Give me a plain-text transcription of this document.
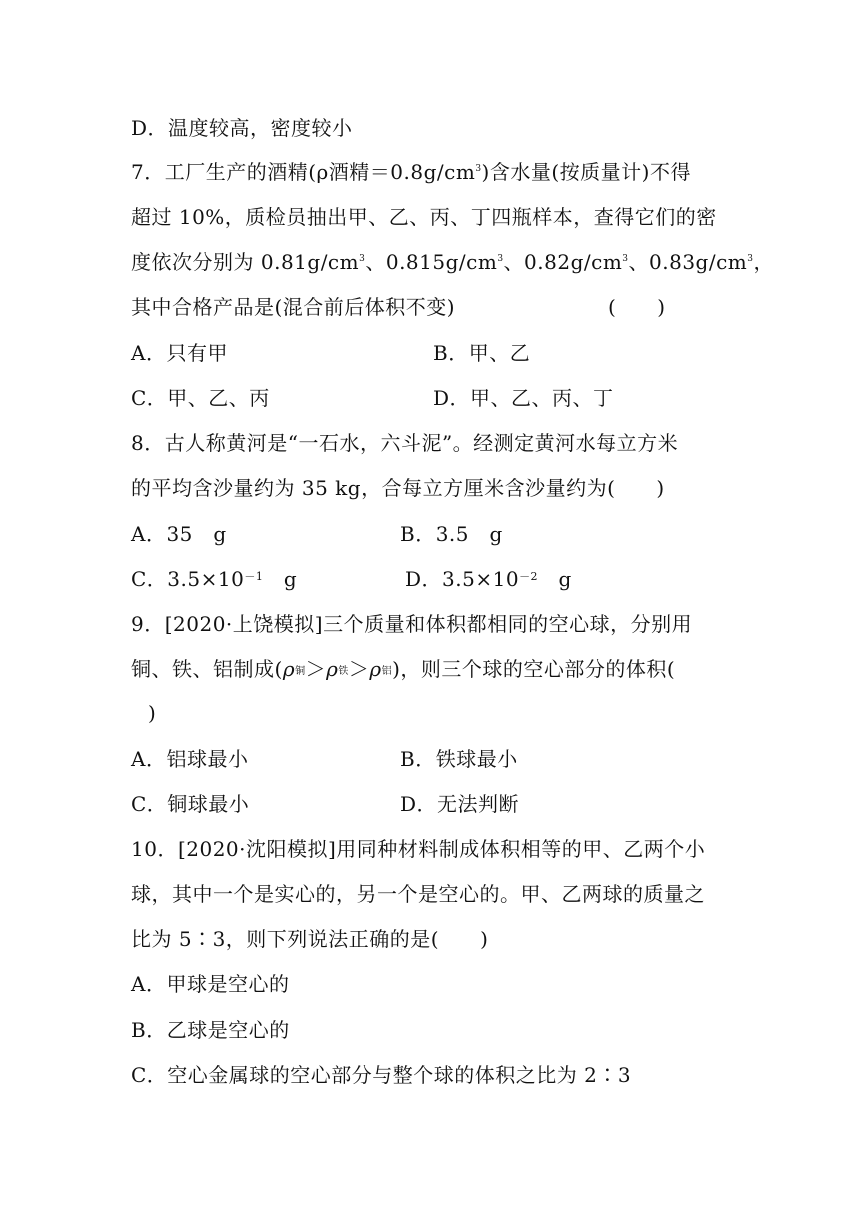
D．温度较高，密度较小
7．工厂生产的酒精(ρ酒精$=0.8g/cm^3$)含水量(按质量计)不得
超过 10%，质检员抽出甲、乙、丙、丁四瓶样本，查得它们的密
度依次分别为 $0.81g/cm^3$、$0.815g/cm^3$、$0.82g/cm^3$、$0.83g/cm^3$，
其中合格产品是(混合前后体积不变)	(　　)
A．只有甲	B．甲、乙
C．甲、乙、丙	D．甲、乙、丙、丁
8．古人称黄河是“一石水，六斗泥”。经测定黄河水每立方米
的平均含沙量约为 35 kg，合每立方厘米含沙量约为(　　)
A．35　g	B．3.5　g
C．$3.5\times 10^{-1}$　g	D．$3.5\times 10^{-2}$　g
9．[2020·上饶模拟]三个质量和体积都相同的空心球，分别用
铜、铁、铝制成(ρ铜＞ρ铁＞ρ铝)，则三个球的空心部分的体积(
)
A．铝球最小	B．铁球最小
C．铜球最小	D．无法判断
10．[2020·沈阳模拟]用同种材料制成体积相等的甲、乙两个小
球，其中一个是实心的，另一个是空心的。甲、乙两球的质量之
比为 5∶3，则下列说法正确的是(　　)
A．甲球是空心的
B．乙球是空心的
C．空心金属球的空心部分与整个球的体积之比为 2∶3
